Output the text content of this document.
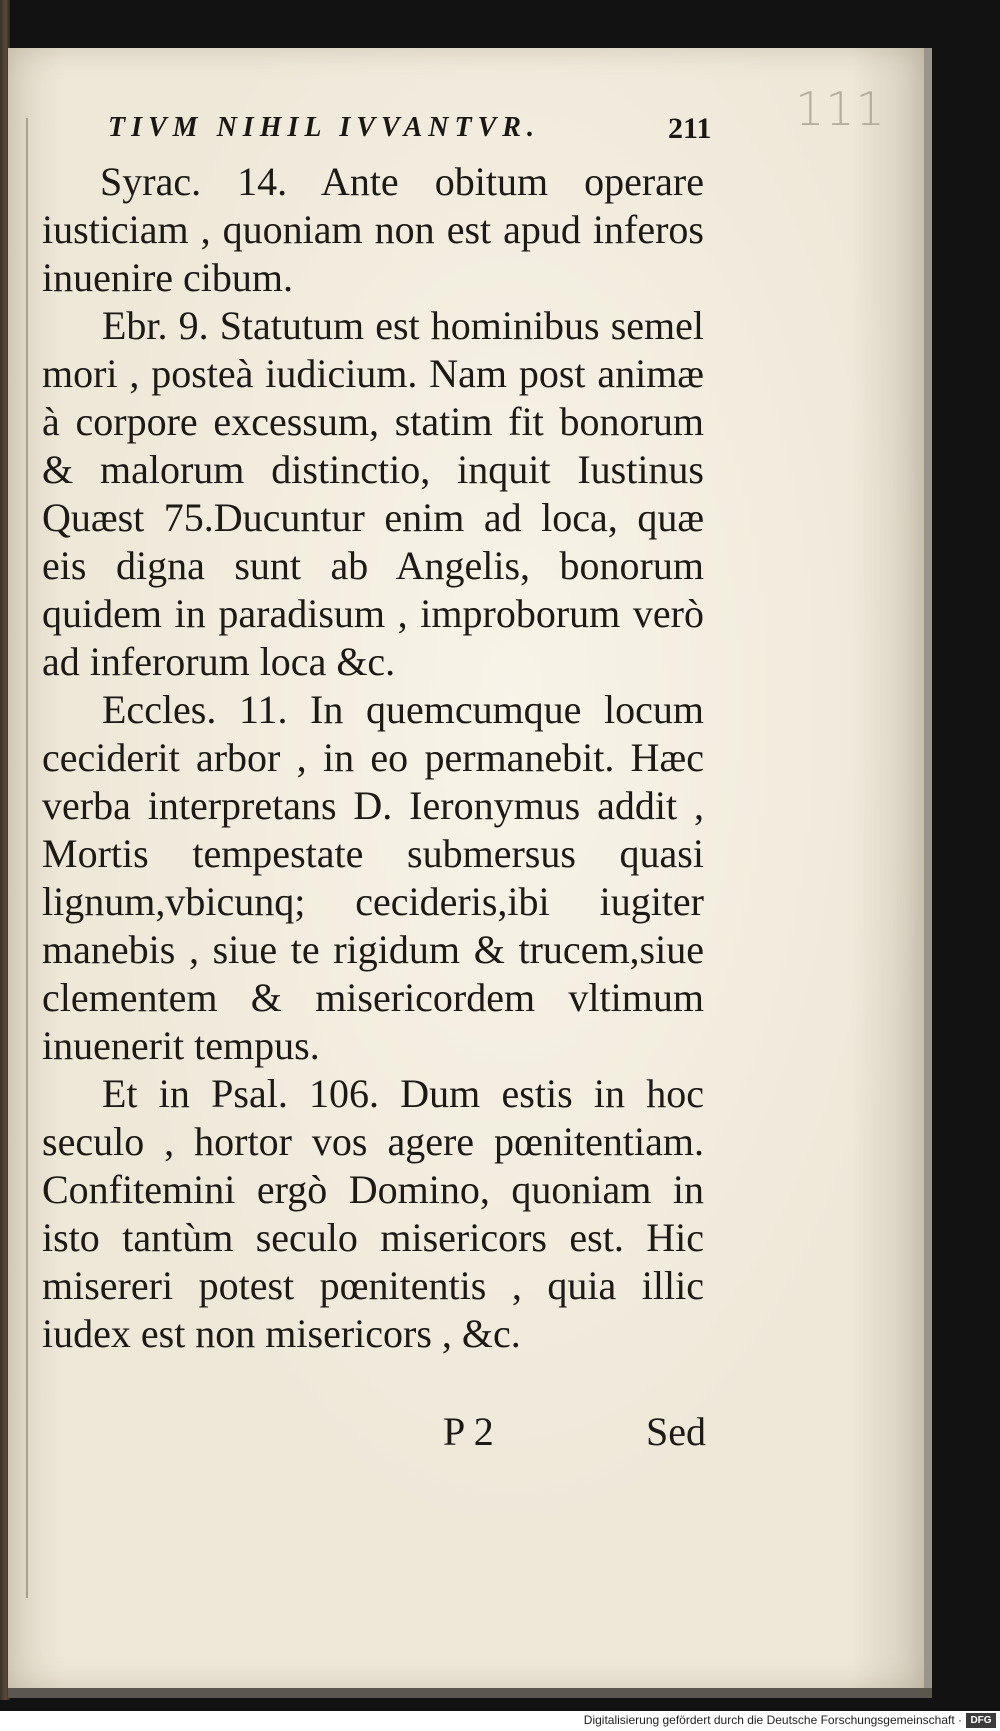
111
TIVM NIHIL IVVANTVR.	211

Syrac. 14. Ante obitum operare iusticiam , quoniam non est apud inferos inuenire cibum.

Ebr. 9. Statutum est hominibus semel mori , posteà iudicium. Nam post animæ à corpore excessum, statim fit bonorum & malorum distinctio, inquit Iustinus Quæst 75.Ducuntur enim ad loca, quæ eis digna sunt ab Angelis, bonorum quidem in paradisum , improborum verò ad inferorum loca &c.

Eccles. 11. In quemcumque locum ceciderit arbor , in eo permanebit. Hæc verba interpretans D. Ieronymus addit , Mortis tempestate submersus quasi lignum,vbicunq; cecideris,ibi iugiter manebis , siue te rigidum & trucem,siue clementem & misericordem vltimum inuenerit tempus.

Et in Psal. 106. Dum estis in hoc seculo , hortor vos agere pœnitentiam. Confitemini ergò Domino, quoniam in isto tantùm seculo misericors est. Hic misereri potest pœnitentis , quia illic iudex est non misericors , &c.

P 2	Sed
Digitalisierung gefördert durch die Deutsche Forschungsgemeinschaft · DFG
